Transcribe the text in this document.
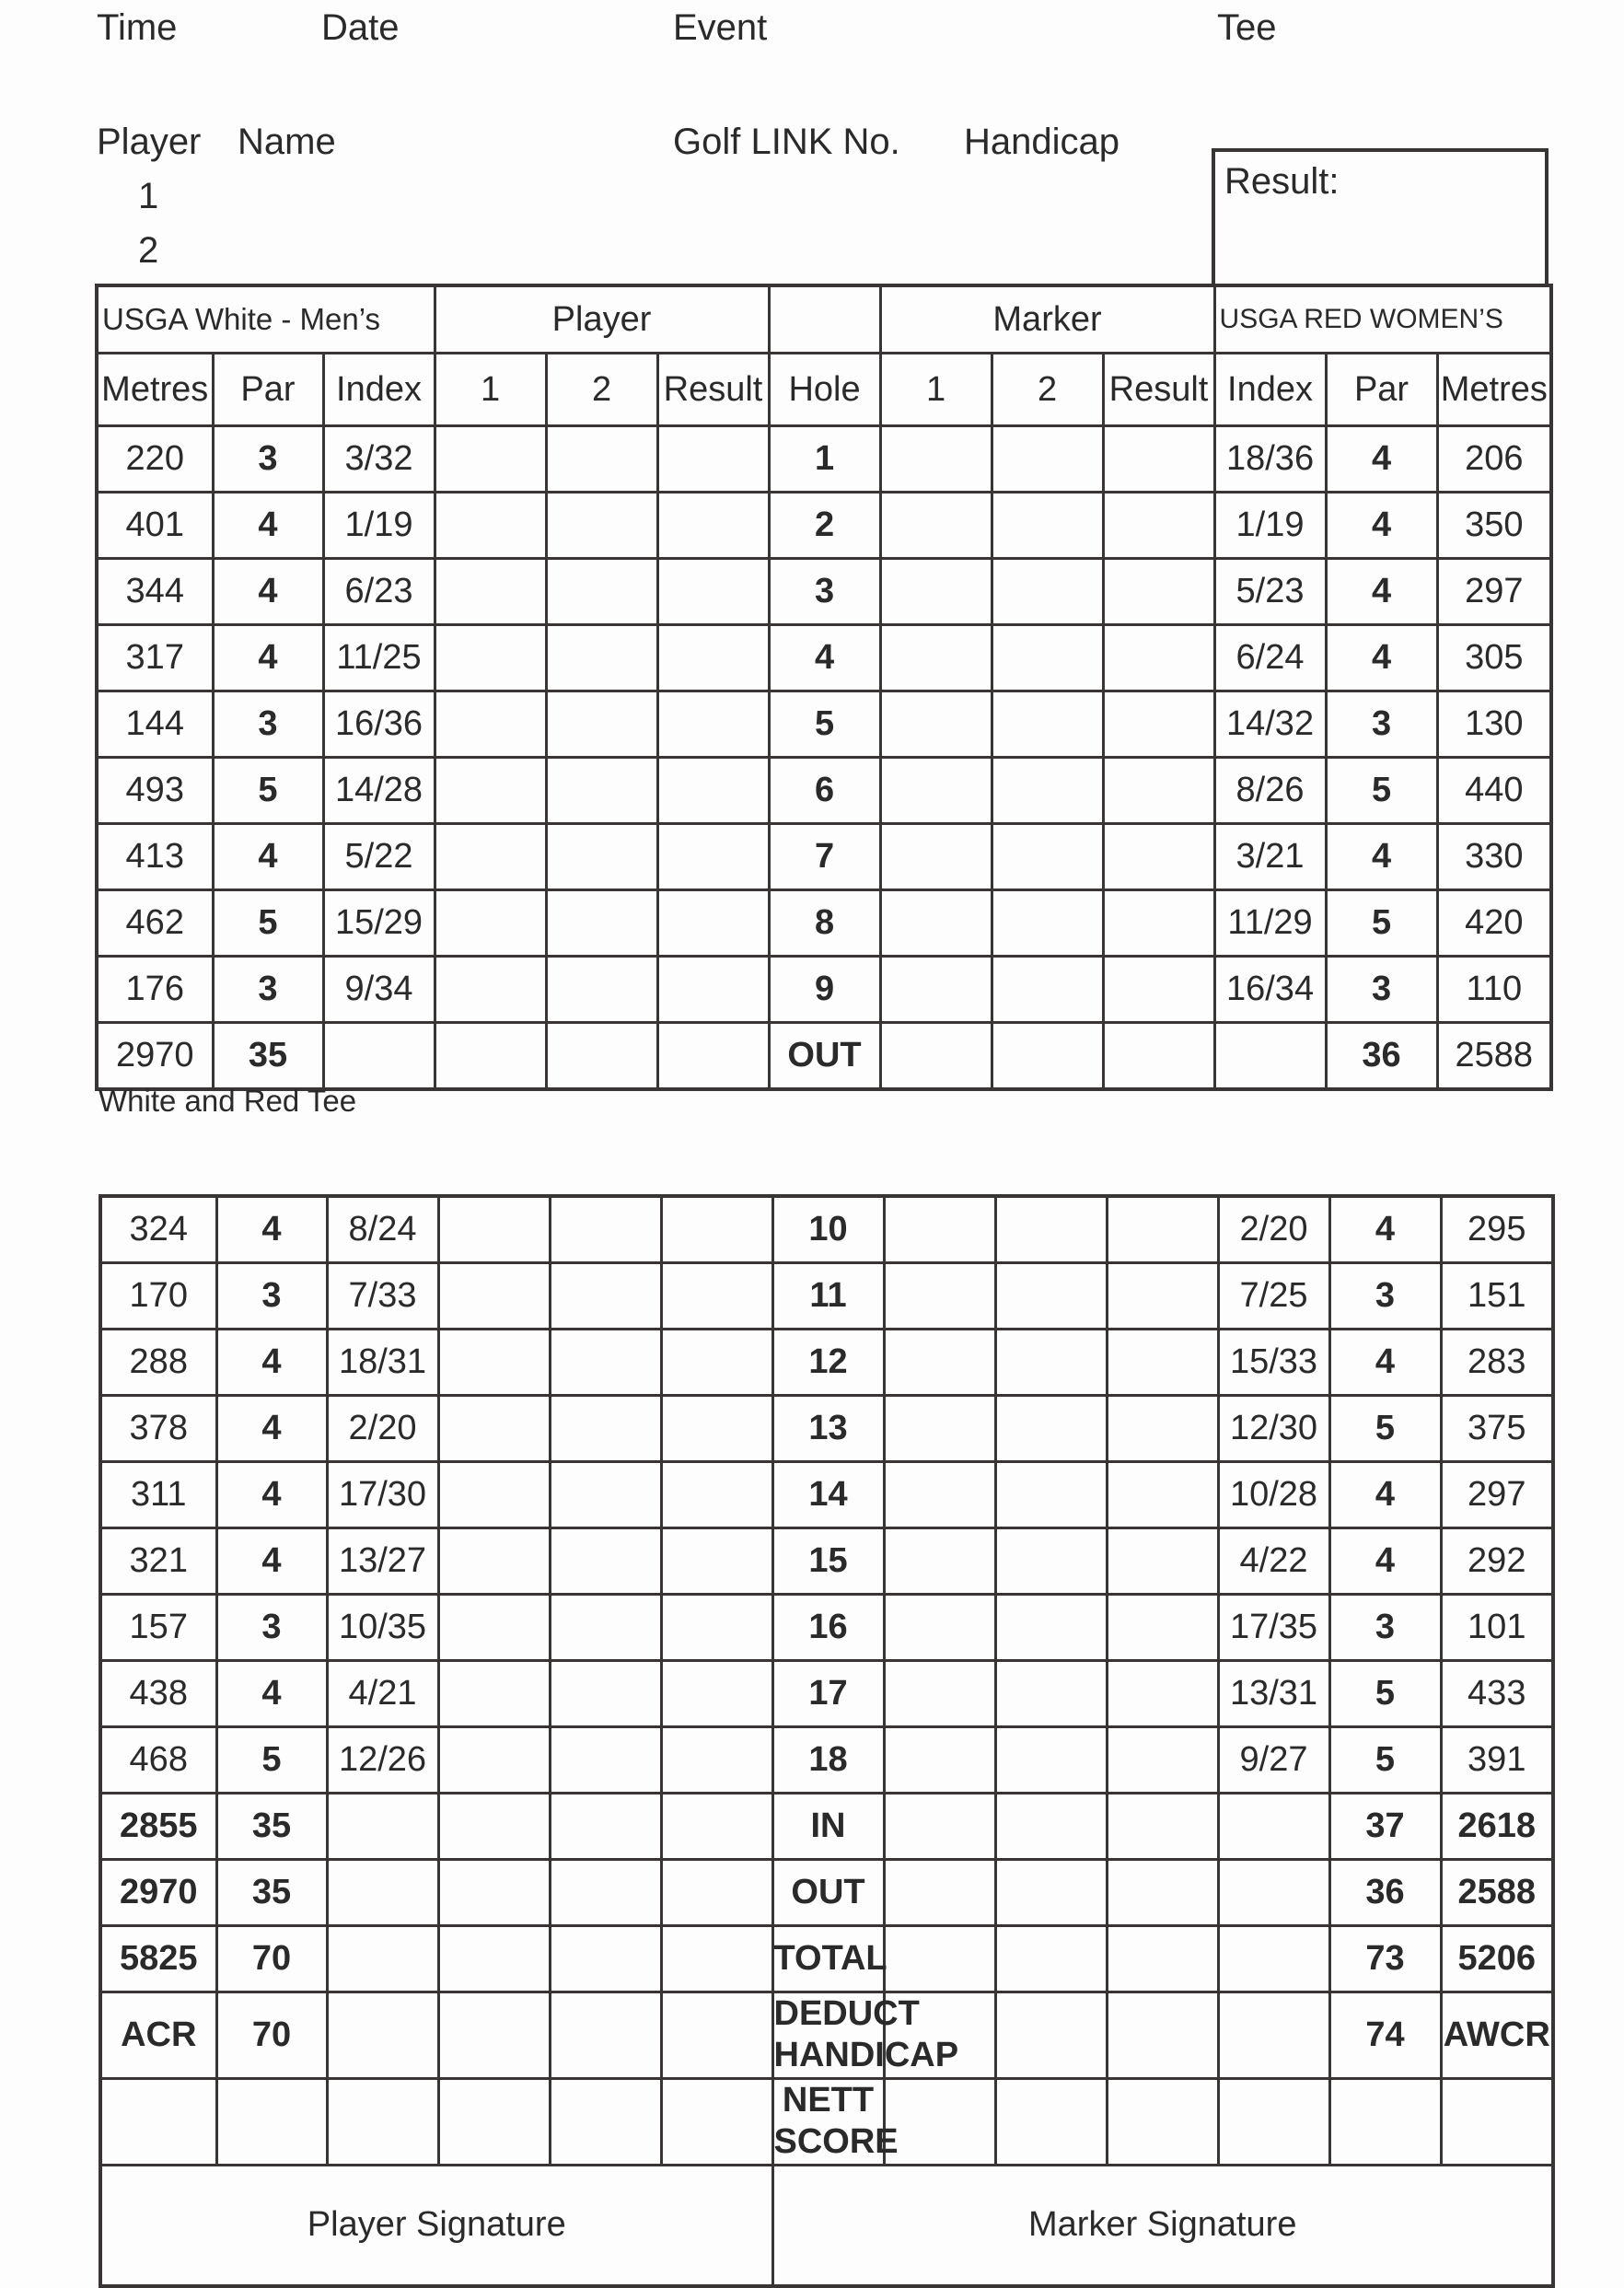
Time	Date	Event	Tee
Player Name	Golf LINK No. Handicap
1
2
Result:
USGA White - Men’s			Player				Marker			USGA RED WOMEN’S		
Metres	Par	Index	1	2	Result	Hole	1	2	Result	Index	Par	Metres
220	3	3/32				1				18/36	4	206
401	4	1/19				2				1/19	4	350
344	4	6/23				3				5/23	4	297
317	4	11/25				4				6/24	4	305
144	3	16/36				5				14/32	3	130
493	5	14/28				6				8/26	5	440
413	4	5/22				7				3/21	4	330
462	5	15/29				8				11/29	5	420
176	3	9/34				9				16/34	3	110
2970	35					OUT					36	2588
White and Red Tee
324	4	8/24				10				2/20	4	295
170	3	7/33				11				7/25	3	151
288	4	18/31				12				15/33	4	283
378	4	2/20				13				12/30	5	375
311	4	17/30				14				10/28	4	297
321	4	13/27				15				4/22	4	292
157	3	10/35				16				17/35	3	101
438	4	4/21				17				13/31	5	433
468	5	12/26				18				9/27	5	391
2855	35					IN					37	2618
2970	35					OUT					36	2588
5825	70					TOTAL					73	5206
ACR	70					DEDUCT HANDICAP					74	AWCR
						NETT SCORE						
Player Signature						Marker Signature						
